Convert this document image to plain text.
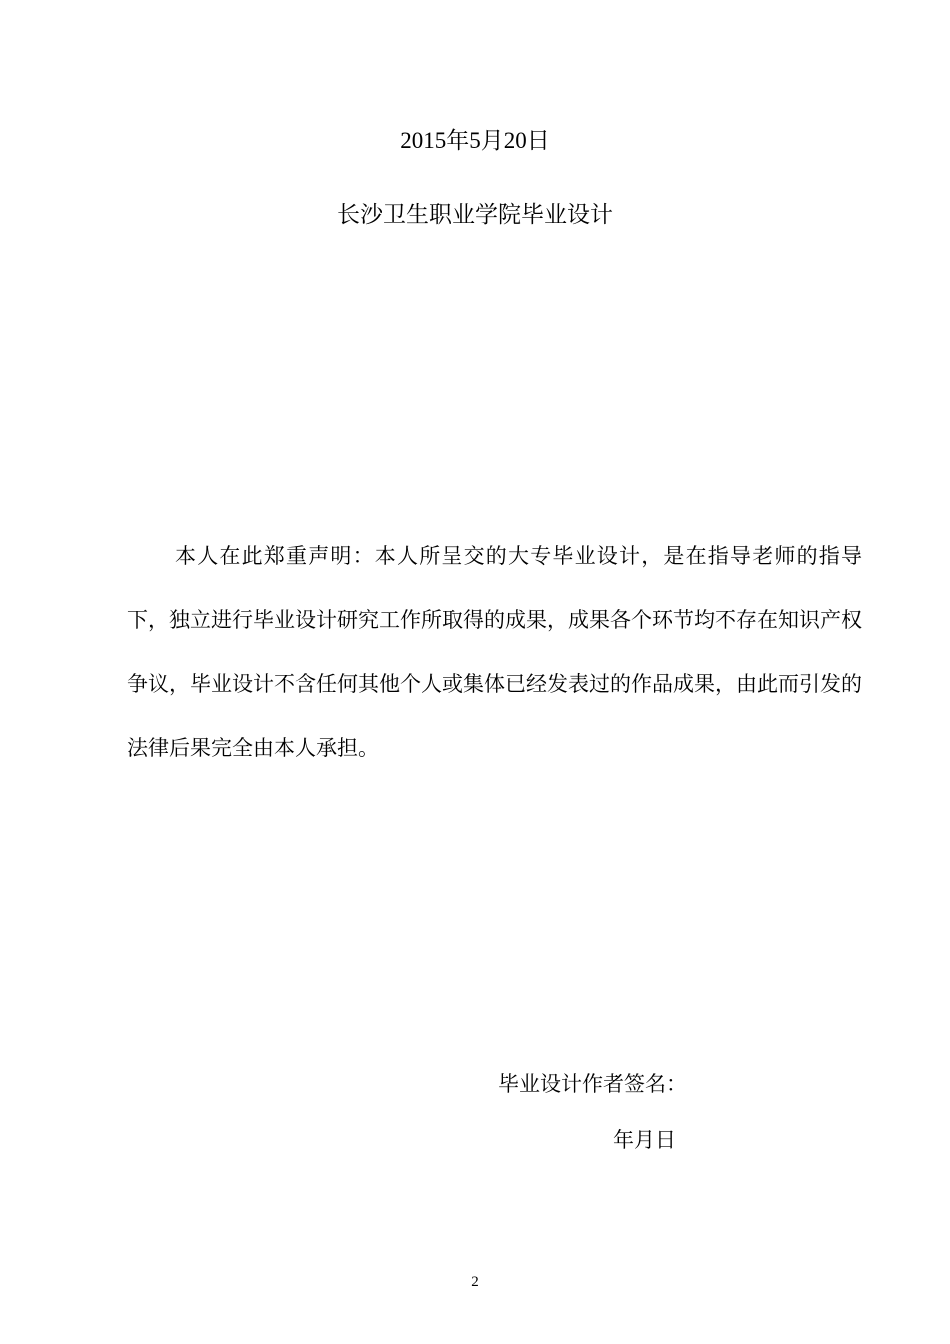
2015年5月20日
长沙卫生职业学院毕业设计

本人在此郑重声明：本人所呈交的大专毕业设计，是在指导老师的指导下，独立进行毕业设计研究工作所取得的成果，成果各个环节均不存在知识产权争议，毕业设计不含任何其他个人或集体已经发表过的作品成果，由此而引发的法律后果完全由本人承担。

毕业设计作者签名：
年月日
2
